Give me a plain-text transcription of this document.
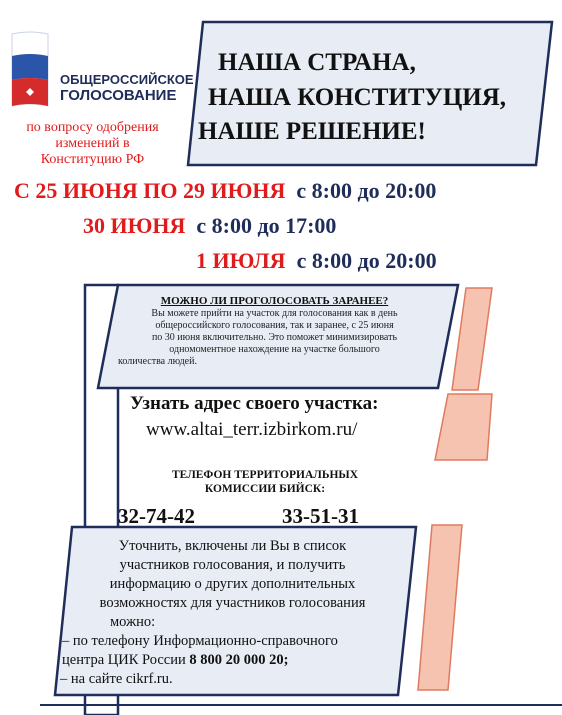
ОБЩЕРОССИЙСКОЕ
ГОЛОСОВАНИЕ
по вопросу одобрения
изменений в
Конституцию РФ
НАША СТРАНА,
НАША КОНСТИТУЦИЯ,
НАШЕ РЕШЕНИЕ!
С 25 ИЮНЯ ПО 29 ИЮНЯ с 8:00 до 20:00
30 ИЮНЯ с 8:00 до 17:00
1 ИЮЛЯ с 8:00 до 20:00
МОЖНО ЛИ ПРОГОЛОСОВАТЬ ЗАРАНЕЕ?
Вы можете прийти на участок для голосования как в день
общероссийского голосования, так и заранее, с 25 июня
по 30 июня включительно. Это поможет минимизировать
одномоментное нахождение на участке большого
количества людей.
Узнать адрес своего участка:
www.altai_terr.izbirkom.ru/
ТЕЛЕФОН ТЕРРИТОРИАЛЬНЫХ
КОМИССИИ БИЙСК:
32-74-42	33-51-31
Уточнить, включены ли Вы в список
участников голосования, и получить
информацию о других дополнительных
возможностях для участников голосования
можно:
– по телефону Информационно-справочного
центра ЦИК России 8 800 20 000 20;
– на сайте cikrf.ru.
